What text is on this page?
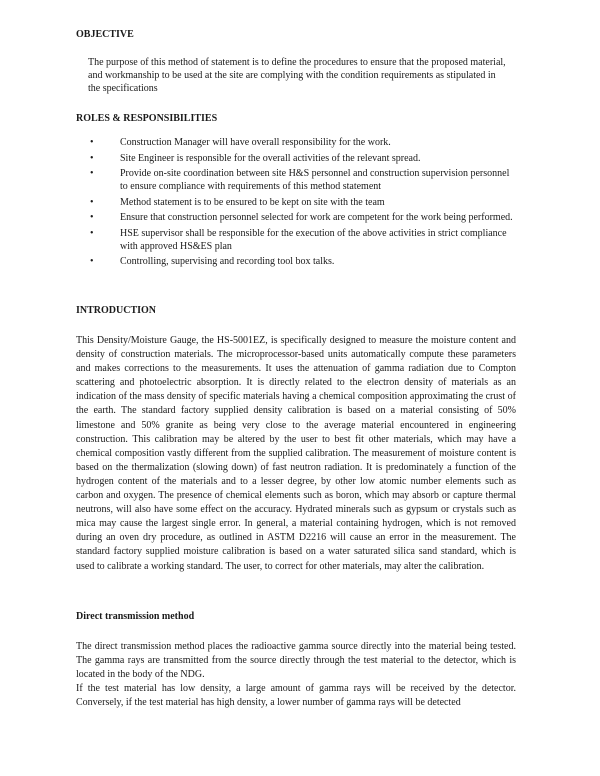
OBJECTIVE
The purpose of this method of statement is to define the procedures to ensure that the proposed material, and workmanship to be used at the site are complying with the condition requirements as stipulated in the specifications
ROLES & RESPONSIBILITIES
• Construction Manager will have overall responsibility for the work.
• Site Engineer is responsible for the overall activities of the relevant spread.
• Provide on-site coordination between site H&S personnel and construction supervision personnel to ensure compliance with requirements of this method statement
• Method statement is to be ensured to be kept on site with the team
• Ensure that construction personnel selected for work are competent for the work being performed.
• HSE supervisor shall be responsible for the execution of the above activities in strict compliance with approved HS&ES plan
• Controlling, supervising and recording tool box talks.
INTRODUCTION

This Density/Moisture Gauge, the HS-5001EZ, is specifically designed to measure the moisture content and density of construction materials. The microprocessor-based units automatically compute these parameters and makes corrections to the measurements. It uses the attenuation of gamma radiation due to Compton scattering and photoelectric absorption. It is directly related to the electron density of materials as an indication of the mass density of specific materials having a chemical composition approximating the crust of the earth. The standard factory supplied density calibration is based on a material consisting of 50% limestone and 50% granite as being very close to the average material encountered in engineering construction. This calibration may be altered by the user to best fit other materials, which may have a chemical composition vastly different from the supplied calibration. The measurement of moisture content is based on the thermalization (slowing down) of fast neutron radiation. It is predominately a function of the hydrogen content of the materials and to a lesser degree, by other low atomic number elements such as carbon and oxygen. The presence of chemical elements such as boron, which may absorb or capture thermal neutrons, will also have some effect on the accuracy. Hydrated minerals such as gypsum or crystals such as mica may cause the largest single error. In general, a material containing hydrogen, which is not removed during an oven dry procedure, as outlined in ASTM D2216 will cause an error in the measurement. The standard factory supplied moisture calibration is based on a water saturated silica sand standard, which is used to calibrate a working standard. The user, to correct for other materials, may alter the calibration.

Direct transmission method

The direct transmission method places the radioactive gamma source directly into the material being tested. The gamma rays are transmitted from the source directly through the test material to the detector, which is located in the body of the NDG.

If the test material has low density, a large amount of gamma rays will be received by the detector. Conversely, if the test material has high density, a lower number of gamma rays will be detected
